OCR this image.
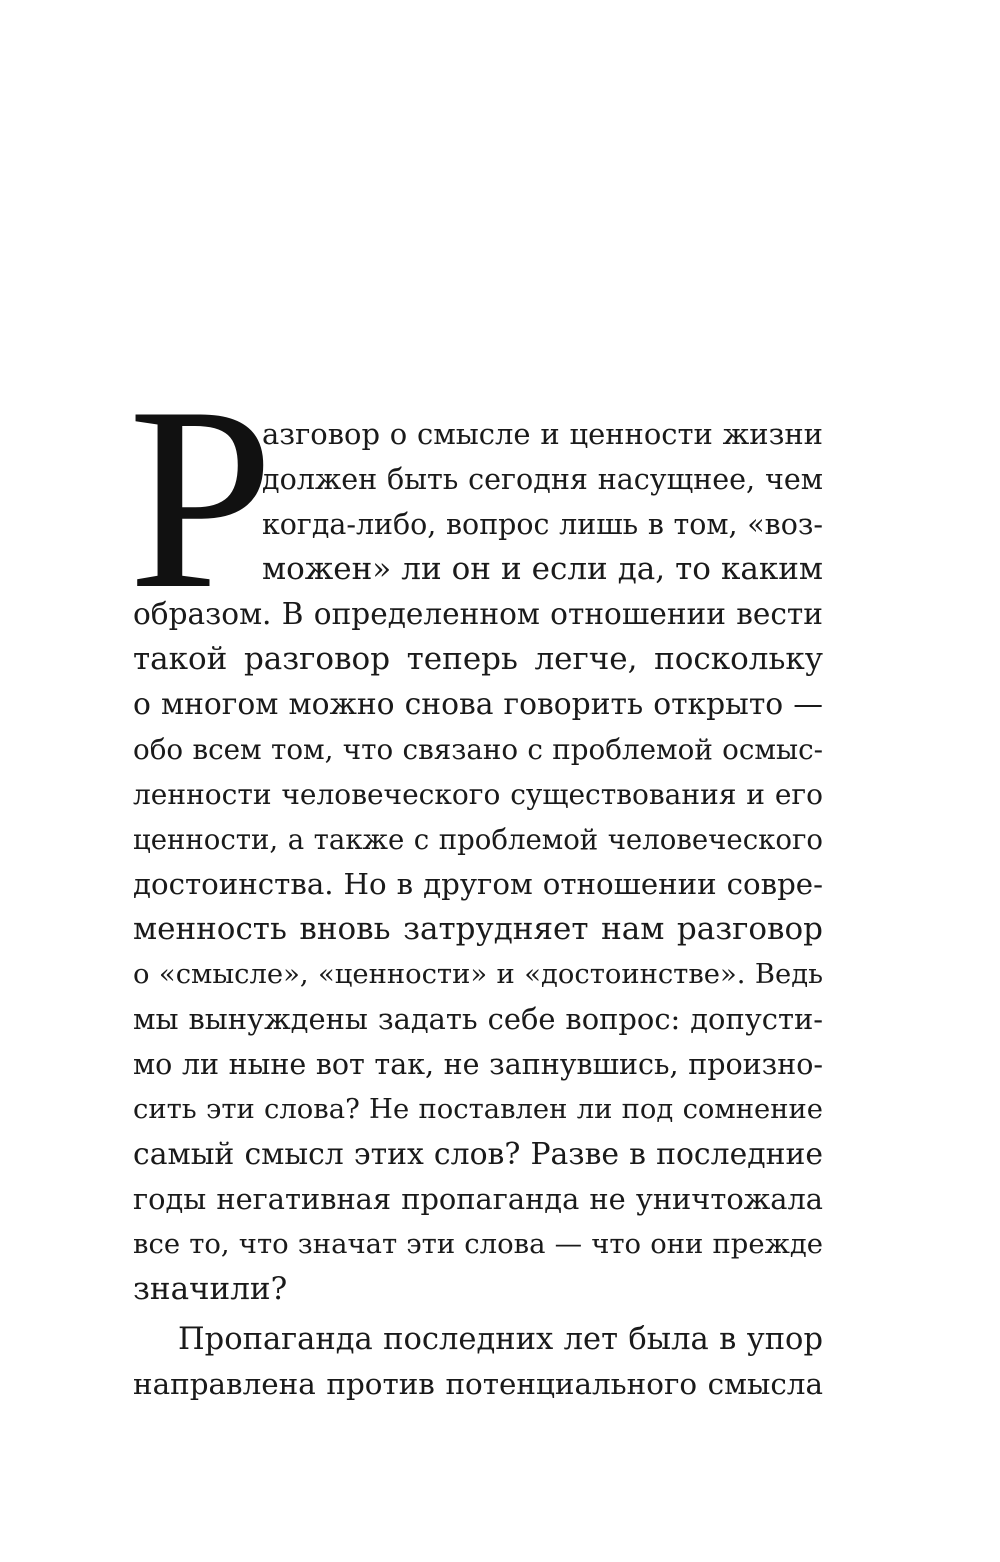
Р
азговор о смысле и ценности жизни
должен быть сегодня насущнее, чем
когда-либо, вопрос лишь в том, «воз-
можен» ли он и если да, то каким
образом. В определенном отношении вести
такой разговор теперь легче, поскольку
о многом можно снова говорить открыто —
обо всем том, что связано с проблемой осмыс-
ленности человеческого существования и его
ценности, а также с проблемой человеческого
достоинства. Но в другом отношении совре-
менность вновь затрудняет нам разговор
о «смысле», «ценности» и «достоинстве». Ведь
мы вынуждены задать себе вопрос: допусти-
мо ли ныне вот так, не запнувшись, произно-
сить эти слова? Не поставлен ли под сомнение
самый смысл этих слов? Разве в последние
годы негативная пропаганда не уничтожала
все то, что значат эти слова — что они прежде
значили?
Пропаганда последних лет была в упор
направлена против потенциального смысла
